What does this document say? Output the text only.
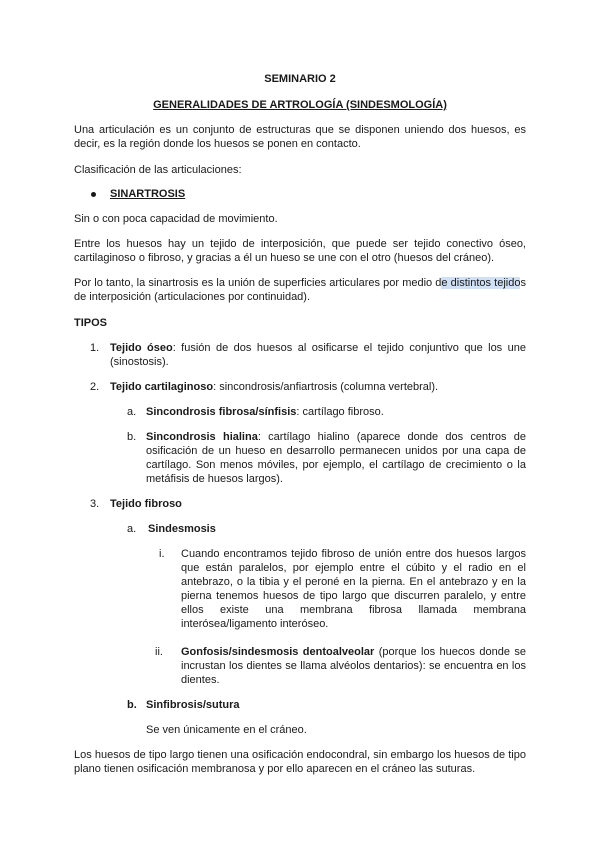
SEMINARIO 2
GENERALIDADES DE ARTROLOGÍA (SINDESMOLOGÍA)
Una articulación es un conjunto de estructuras que se disponen uniendo dos huesos, es decir, es la región donde los huesos se ponen en contacto.
Clasificación de las articulaciones:
SINARTROSIS
Sin o con poca capacidad de movimiento.
Entre los huesos hay un tejido de interposición, que puede ser tejido conectivo óseo, cartilaginoso o fibroso, y gracias a él un hueso se une con el otro (huesos del cráneo).
Por lo tanto, la sinartrosis es la unión de superficies articulares por medio de distintos tejidos de interposición (articulaciones por continuidad).
TIPOS
1. Tejido óseo: fusión de dos huesos al osificarse el tejido conjuntivo que los une (sinostosis).
2. Tejido cartilaginoso: sincondrosis/anfiartrosis (columna vertebral).
a. Sincondrosis fibrosa/sínfisis: cartílago fibroso.
b. Sincondrosis hialina: cartílago hialino (aparece donde dos centros de osificación de un hueso en desarrollo permanecen unidos por una capa de cartílago. Son menos móviles, por ejemplo, el cartílago de crecimiento o la metáfisis de huesos largos).
3. Tejido fibroso
a. Sindesmosis
i. Cuando encontramos tejido fibroso de unión entre dos huesos largos que están paralelos, por ejemplo entre el cúbito y el radio en el antebrazo, o la tibia y el peroné en la pierna. En el antebrazo y en la pierna tenemos huesos de tipo largo que discurren paralelo, y entre ellos existe una membrana fibrosa llamada membrana interósea/ligamento interóseo.
ii. Gonfosis/sindesmosis dentoalveolar (porque los huecos donde se incrustan los dientes se llama alvéolos dentarios): se encuentra en los dientes.
b. Sinfibrosis/sutura
Se ven únicamente en el cráneo.
Los huesos de tipo largo tienen una osificación endocondral, sin embargo los huesos de tipo plano tienen osificación membranosa y por ello aparecen en el cráneo las suturas.
